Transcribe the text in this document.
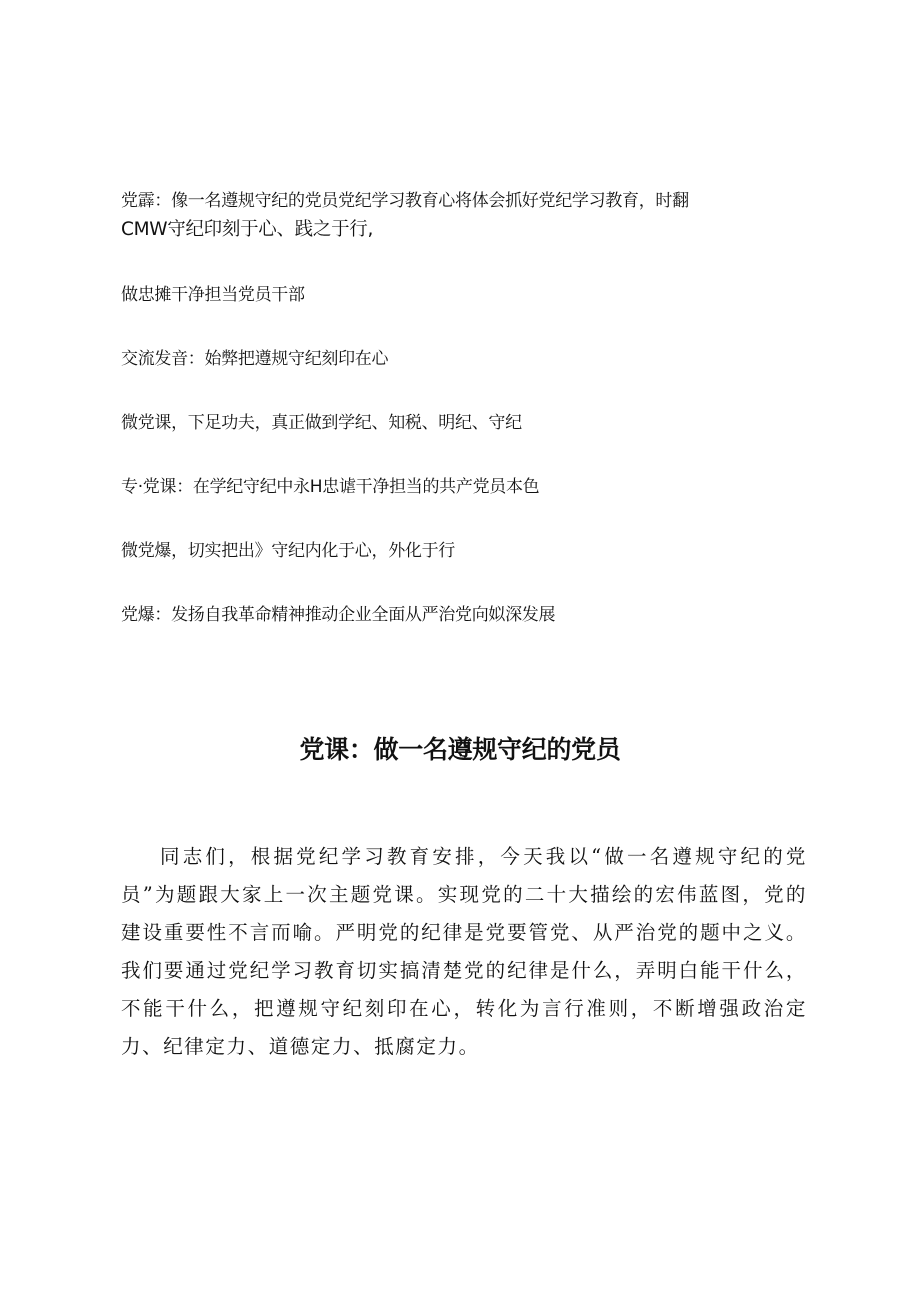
党霹：像一名遵规守纪的党员党纪学习教育心将体会抓好党纪学习教育，时翻

CMW守纪印刻于心、践之于行,

做忠摊干净担当党员干部

交流发音：始弊把遵规守纪刻印在心

微党课，下足功夫，真正做到学纪、知税、明纪、守纪

专·党课：在学纪守纪中永H忠谑干净担当的共产党员本色

微党爆，切实把出》守纪内化于心，外化于行

党爆：发扬自我革命精神推动企业全面从严治党向姒深发展

党课：做一名遵规守纪的党员

同志们，根据党纪学习教育安排，今天我以“做一名遵规守纪的党员”为题跟大家上一次主题党课。实现党的二十大描绘的宏伟蓝图，党的建设重要性不言而喻。严明党的纪律是党要管党、从严治党的题中之义。我们要通过党纪学习教育切实搞清楚党的纪律是什么，弄明白能干什么，不能干什么，把遵规守纪刻印在心，转化为言行准则，不断增强政治定力、纪律定力、道德定力、抵腐定力。
